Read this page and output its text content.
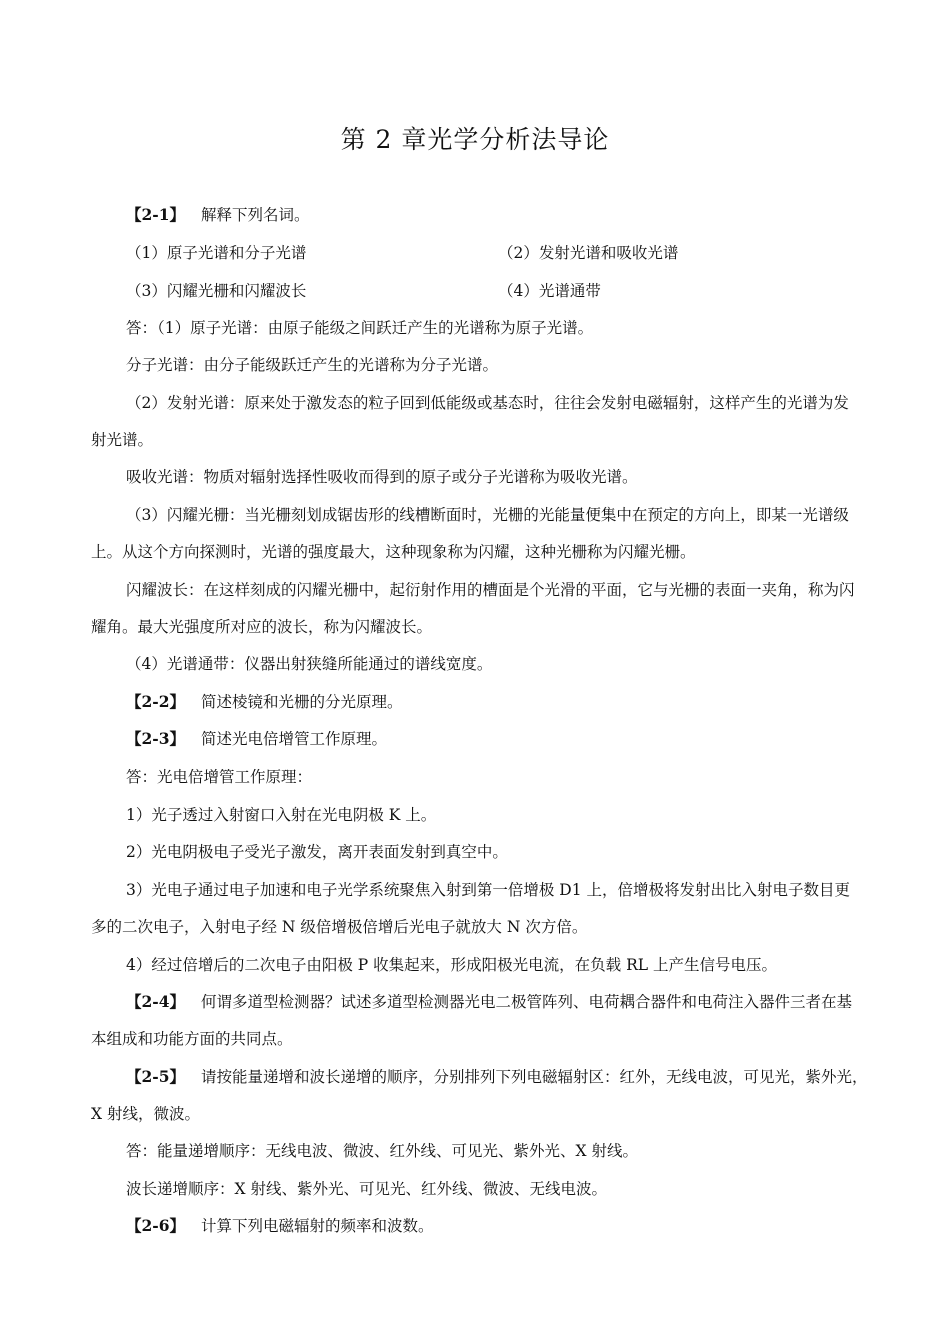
第 2 章光学分析法导论
【2-1】 解释下列名词。
（1）原子光谱和分子光谱	（2）发射光谱和吸收光谱
（3）闪耀光栅和闪耀波长	（4）光谱通带
答：（1）原子光谱：由原子能级之间跃迁产生的光谱称为原子光谱。
分子光谱：由分子能级跃迁产生的光谱称为分子光谱。
（2）发射光谱：原来处于激发态的粒子回到低能级或基态时，往往会发射电磁辐射，这样产生的光谱为发
射光谱。
吸收光谱：物质对辐射选择性吸收而得到的原子或分子光谱称为吸收光谱。
（3）闪耀光栅：当光栅刻划成锯齿形的线槽断面时，光栅的光能量便集中在预定的方向上，即某一光谱级
上。从这个方向探测时，光谱的强度最大，这种现象称为闪耀，这种光栅称为闪耀光栅。
闪耀波长：在这样刻成的闪耀光栅中，起衍射作用的槽面是个光滑的平面，它与光栅的表面一夹角，称为闪
耀角。最大光强度所对应的波长，称为闪耀波长。
（4）光谱通带：仪器出射狭缝所能通过的谱线宽度。
【2-2】 简述棱镜和光栅的分光原理。
【2-3】 简述光电倍增管工作原理。
答：光电倍增管工作原理：
1）光子透过入射窗口入射在光电阴极 K 上。
2）光电阴极电子受光子激发，离开表面发射到真空中。
3）光电子通过电子加速和电子光学系统聚焦入射到第一倍增极 D1 上，倍增极将发射出比入射电子数目更
多的二次电子，入射电子经 N 级倍增极倍增后光电子就放大 N 次方倍。
4）经过倍增后的二次电子由阳极 P 收集起来，形成阳极光电流，在负载 RL 上产生信号电压。
【2-4】 何谓多道型检测器？试述多道型检测器光电二极管阵列、电荷耦合器件和电荷注入器件三者在基
本组成和功能方面的共同点。
【2-5】 请按能量递增和波长递增的顺序，分别排列下列电磁辐射区：红外，无线电波，可见光，紫外光，
X 射线，微波。
答：能量递增顺序：无线电波、微波、红外线、可见光、紫外光、X 射线。
波长递增顺序：X 射线、紫外光、可见光、红外线、微波、无线电波。
【2-6】 计算下列电磁辐射的频率和波数。
